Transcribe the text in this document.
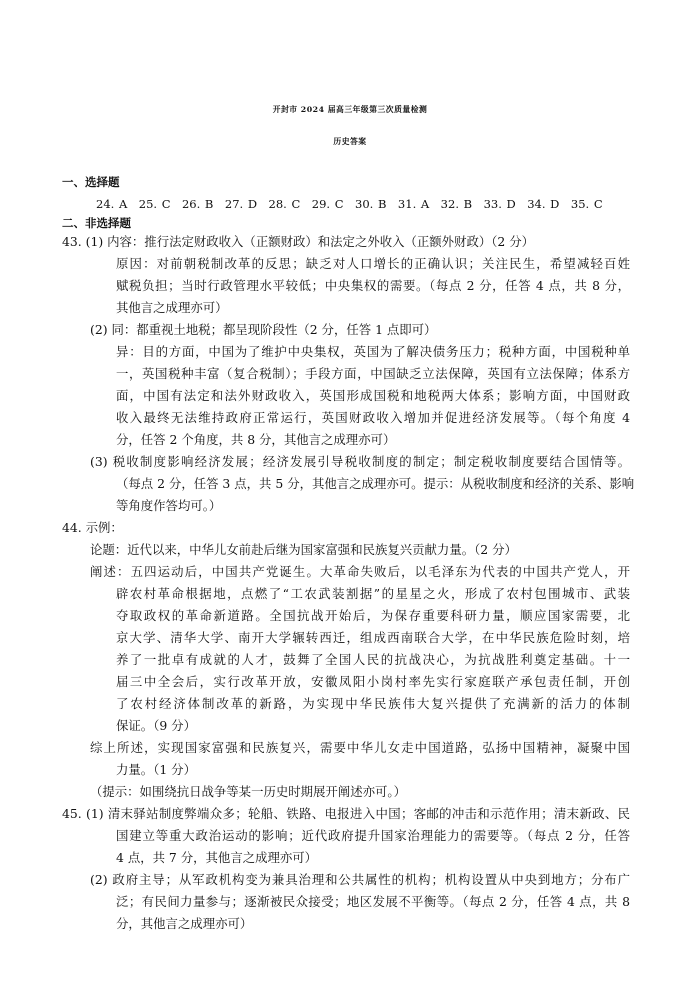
开封市 2024 届高三年级第三次质量检测
历史答案
一、选择题
24. A　25. C　26. B　27. D　28. C　29. C　30. B　31. A　32. B　33. D　34. D　35. C
二、非选择题
43. (1) 内容：推行法定财政收入（正额财政）和法定之外收入（正额外财政）（2 分）
原因：对前朝税制改革的反思；缺乏对人口增长的正确认识；关注民生，希望减轻百姓
赋税负担；当时行政管理水平较低；中央集权的需要。（每点 2 分，任答 4 点，共 8 分，
其他言之成理亦可）
(2) 同：都重视土地税；都呈现阶段性（2 分，任答 1 点即可）
异：目的方面，中国为了维护中央集权，英国为了解决债务压力；税种方面，中国税种单
一，英国税种丰富（复合税制）；手段方面，中国缺乏立法保障，英国有立法保障；体系方
面，中国有法定和法外财政收入，英国形成国税和地税两大体系；影响方面，中国财政
收入最终无法维持政府正常运行，英国财政收入增加并促进经济发展等。（每个角度 4
分，任答 2 个角度，共 8 分，其他言之成理亦可）
(3) 税收制度影响经济发展；经济发展引导税收制度的制定；制定税收制度要结合国情等。
（每点 2 分，任答 3 点，共 5 分，其他言之成理亦可。提示：从税收制度和经济的关系、影响
等角度作答均可。）
44. 示例：
论题：近代以来，中华儿女前赴后继为国家富强和民族复兴贡献力量。（2 分）
阐述：五四运动后，中国共产党诞生。大革命失败后，以毛泽东为代表的中国共产党人，开
辟农村革命根据地，点燃了“工农武装割据”的星星之火，形成了农村包围城市、武装
夺取政权的革命新道路。全国抗战开始后，为保存重要科研力量，顺应国家需要，北
京大学、清华大学、南开大学辗转西迁，组成西南联合大学，在中华民族危险时刻，培
养了一批卓有成就的人才，鼓舞了全国人民的抗战决心，为抗战胜利奠定基础。十一
届三中全会后，实行改革开放，安徽凤阳小岗村率先实行家庭联产承包责任制，开创
了农村经济体制改革的新路，为实现中华民族伟大复兴提供了充满新的活力的体制
保证。（9 分）
综上所述，实现国家富强和民族复兴，需要中华儿女走中国道路，弘扬中国精神，凝聚中国
力量。（1 分）
（提示：如围绕抗日战争等某一历史时期展开阐述亦可。）
45. (1) 清末驿站制度弊端众多；轮船、铁路、电报进入中国；客邮的冲击和示范作用；清末新政、民
国建立等重大政治运动的影响；近代政府提升国家治理能力的需要等。（每点 2 分，任答
4 点，共 7 分，其他言之成理亦可）
(2) 政府主导；从军政机构变为兼具治理和公共属性的机构；机构设置从中央到地方；分布广
泛；有民间力量参与；逐渐被民众接受；地区发展不平衡等。（每点 2 分，任答 4 点，共 8
分，其他言之成理亦可）
